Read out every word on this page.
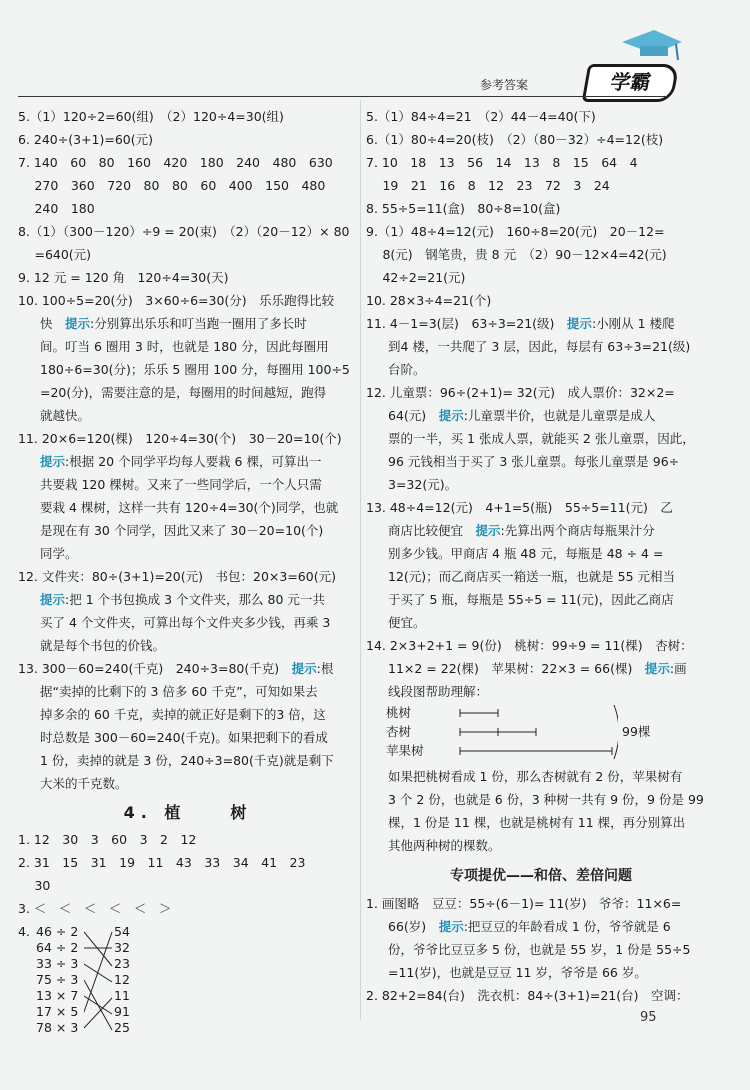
参考答案	学霸
5.（1）120÷2=60(组)　（2）120÷4=30(组)
6. 240÷(3+1)=60(元)
7. 140　60　80　160　420　180　240　480　630
　 270　360　720　80　80　60　400　150　480
　 240　180
8.（1）（300－120）÷9 = 20(束)　（2）（20－12）× 80
　 =640(元)
9. 12 元 = 120 角　120÷4=30(天)
10. 100÷5=20(分)　3×60÷6=30(分)　乐乐跑得比较
快　 提示:分别算出乐乐和叮当跑一圈用了多长时
间。叮当 6 圈用 3 时，也就是 180 分，因此每圈用
180÷6=30(分)；乐乐 5 圈用 100 分，每圈用 100÷5
=20(分)，需要注意的是，每圈用的时间越短，跑得
就越快。
11. 20×6=120(棵)　120÷4=30(个)　30－20=10(个)
提示:根据 20 个同学平均每人要栽 6 棵，可算出一
共要栽 120 棵树。又来了一些同学后，一个人只需
要栽 4 棵树，这样一共有 120÷4=30(个)同学，也就
是现在有 30 个同学，因此又来了 30－20=10(个)
同学。
12. 文件夹：80÷(3+1)=20(元)　书包：20×3=60(元)
提示:把 1 个书包换成 3 个文件夹，那么 80 元一共
买了 4 个文件夹，可算出每个文件夹多少钱，再乘 3
就是每个书包的价钱。
13. 300－60=240(千克)　240÷3=80(千克)　 提示:根
据“卖掉的比剩下的 3 倍多 60 千克”，可知如果去
掉多余的 60 千克，卖掉的就正好是剩下的3 倍，这
时总数是 300－60=240(千克)。如果把剩下的看成
1 份，卖掉的就是 3 份，240÷3=80(千克)就是剩下
大米的千克数。
4. 植　　树
1. 12　30　3　60　3　2　12
2. 31　15　31　19　11　43　33　34　41　23
　 30
3. ＜　＜　＜　＜　＜　＞
4. 46 ÷ 2
64 ÷ 2
33 ÷ 3
75 ÷ 3
13 × 7
17 × 5
78 × 3
54
32
23
12
11
91
25
5.（1）84÷4=21　（2）44－4=40(下)
6.（1）80÷4=20(枝)　（2）（80－32）÷4=12(枝)
7. 10　18　13　56　14　13　8　15　64　4
　 19　21　16　8　12　23　72　3　24
8. 55÷5=11(盒)　80÷8=10(盒)
9.（1）48÷4=12(元)　160÷8=20(元)　20－12=
　 8(元)　钢笔贵，贵 8 元　（2）90－12×4=42(元)
　 42÷2=21(元)
10. 28×3÷4=21(个)
11. 4－1=3(层)　63÷3=21(级)　 提示:小刚从 1 楼爬
到4 楼，一共爬了 3 层，因此，每层有 63÷3=21(级)
台阶。
12. 儿童票：96÷(2+1)= 32(元)　成人票价：32×2=
64(元)　 提示:儿童票半价，也就是儿童票是成人
票的一半，买 1 张成人票，就能买 2 张儿童票，因此，
96 元钱相当于买了 3 张儿童票。每张儿童票是 96÷
3=32(元)。
13. 48÷4=12(元)　4+1=5(瓶)　55÷5=11(元)　乙
商店比较便宜　 提示:先算出两个商店每瓶果汁分
别多少钱。甲商店 4 瓶 48 元，每瓶是 48 ÷ 4 =
12(元)；而乙商店买一箱送一瓶，也就是 55 元相当
于买了 5 瓶，每瓶是 55÷5 = 11(元)，因此乙商店
便宜。
14. 2×3+2+1 = 9(份)　桃树：99÷9 = 11(棵)　杏树：
11×2 = 22(棵)　苹果树：22×3 = 66(棵)　 提示:画
线段图帮助理解：
桃树
杏树
苹果树
99棵
如果把桃树看成 1 份，那么杏树就有 2 份，苹果树有
3 个 2 份，也就是 6 份，3 种树一共有 9 份，9 份是 99
棵，1 份是 11 棵，也就是桃树有 11 棵，再分别算出
其他两种树的棵数。
专项提优——和倍、差倍问题
1. 画图略　豆豆：55÷(6－1)= 11(岁)　爷爷：11×6=
66(岁)　 提示:把豆豆的年龄看成 1 份，爷爷就是 6
份，爷爷比豆豆多 5 份，也就是 55 岁，1 份是 55÷5
=11(岁)，也就是豆豆 11 岁，爷爷是 66 岁。
2. 82+2=84(台)　洗衣机：84÷(3+1)=21(台)　空调：
95
